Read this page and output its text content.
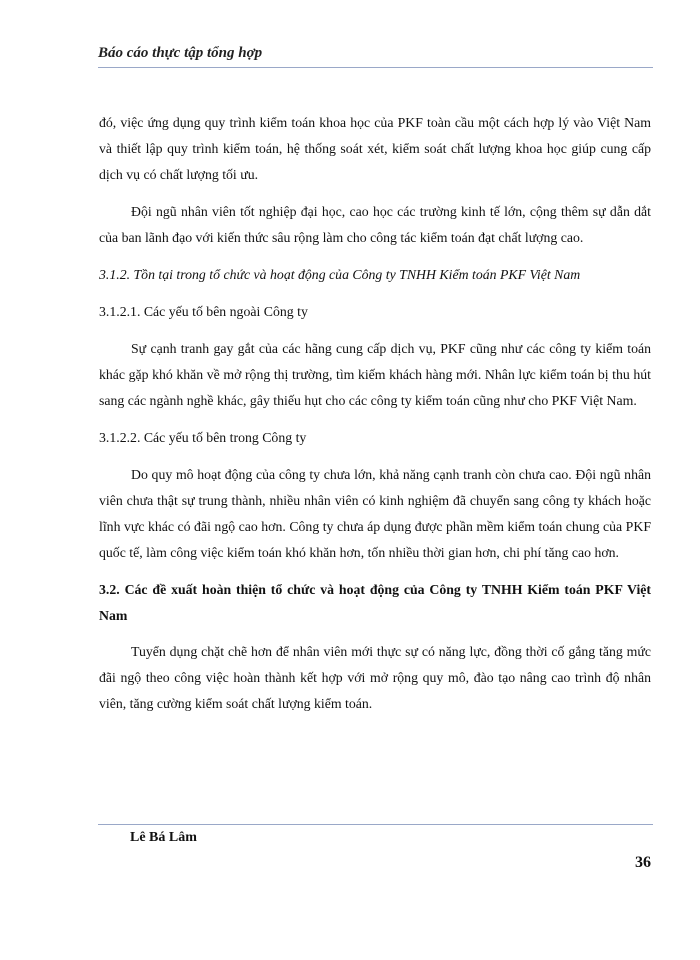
Báo cáo thực tập tổng hợp

đó, việc ứng dụng quy trình kiểm toán khoa học của PKF toàn cầu một cách hợp lý vào Việt Nam và thiết lập quy trình kiểm toán, hệ thống soát xét, kiểm soát chất lượng khoa học giúp cung cấp dịch vụ có chất lượng tối ưu.

Đội ngũ nhân viên tốt nghiệp đại học, cao học các trường kinh tế lớn, cộng thêm sự dẫn dắt của ban lãnh đạo với kiến thức sâu rộng làm cho công tác kiểm toán đạt chất lượng cao.

3.1.2. Tồn tại trong tổ chức và hoạt động của Công ty TNHH Kiểm toán PKF Việt Nam

3.1.2.1. Các yếu tố bên ngoài Công ty

Sự cạnh tranh gay gắt của các hãng cung cấp dịch vụ, PKF cũng như các công ty kiểm toán khác gặp khó khăn về mở rộng thị trường, tìm kiếm khách hàng mới. Nhân lực kiểm toán bị thu hút sang các ngành nghề khác, gây thiếu hụt cho các công ty kiểm toán cũng như cho PKF Việt Nam.

3.1.2.2. Các yếu tố bên trong Công ty

Do quy mô hoạt động của công ty chưa lớn, khả năng cạnh tranh còn chưa cao. Đội ngũ nhân viên chưa thật sự trung thành, nhiều nhân viên có kinh nghiệm đã chuyển sang công ty khách hoặc lĩnh vực khác có đãi ngộ cao hơn. Công ty chưa áp dụng được phần mềm kiểm toán chung của PKF quốc tế, làm công việc kiểm toán khó khăn hơn, tốn nhiều thời gian hơn, chi phí tăng cao hơn.

3.2. Các đề xuất hoàn thiện tổ chức và hoạt động của Công ty TNHH Kiểm toán PKF Việt Nam

Tuyển dụng chặt chẽ hơn để nhân viên mới thực sự có năng lực, đồng thời cố gắng tăng mức đãi ngộ theo công việc hoàn thành kết hợp với mở rộng quy mô, đào tạo nâng cao trình độ nhân viên, tăng cường kiểm soát chất lượng kiểm toán.

Lê Bá Lâm
36
